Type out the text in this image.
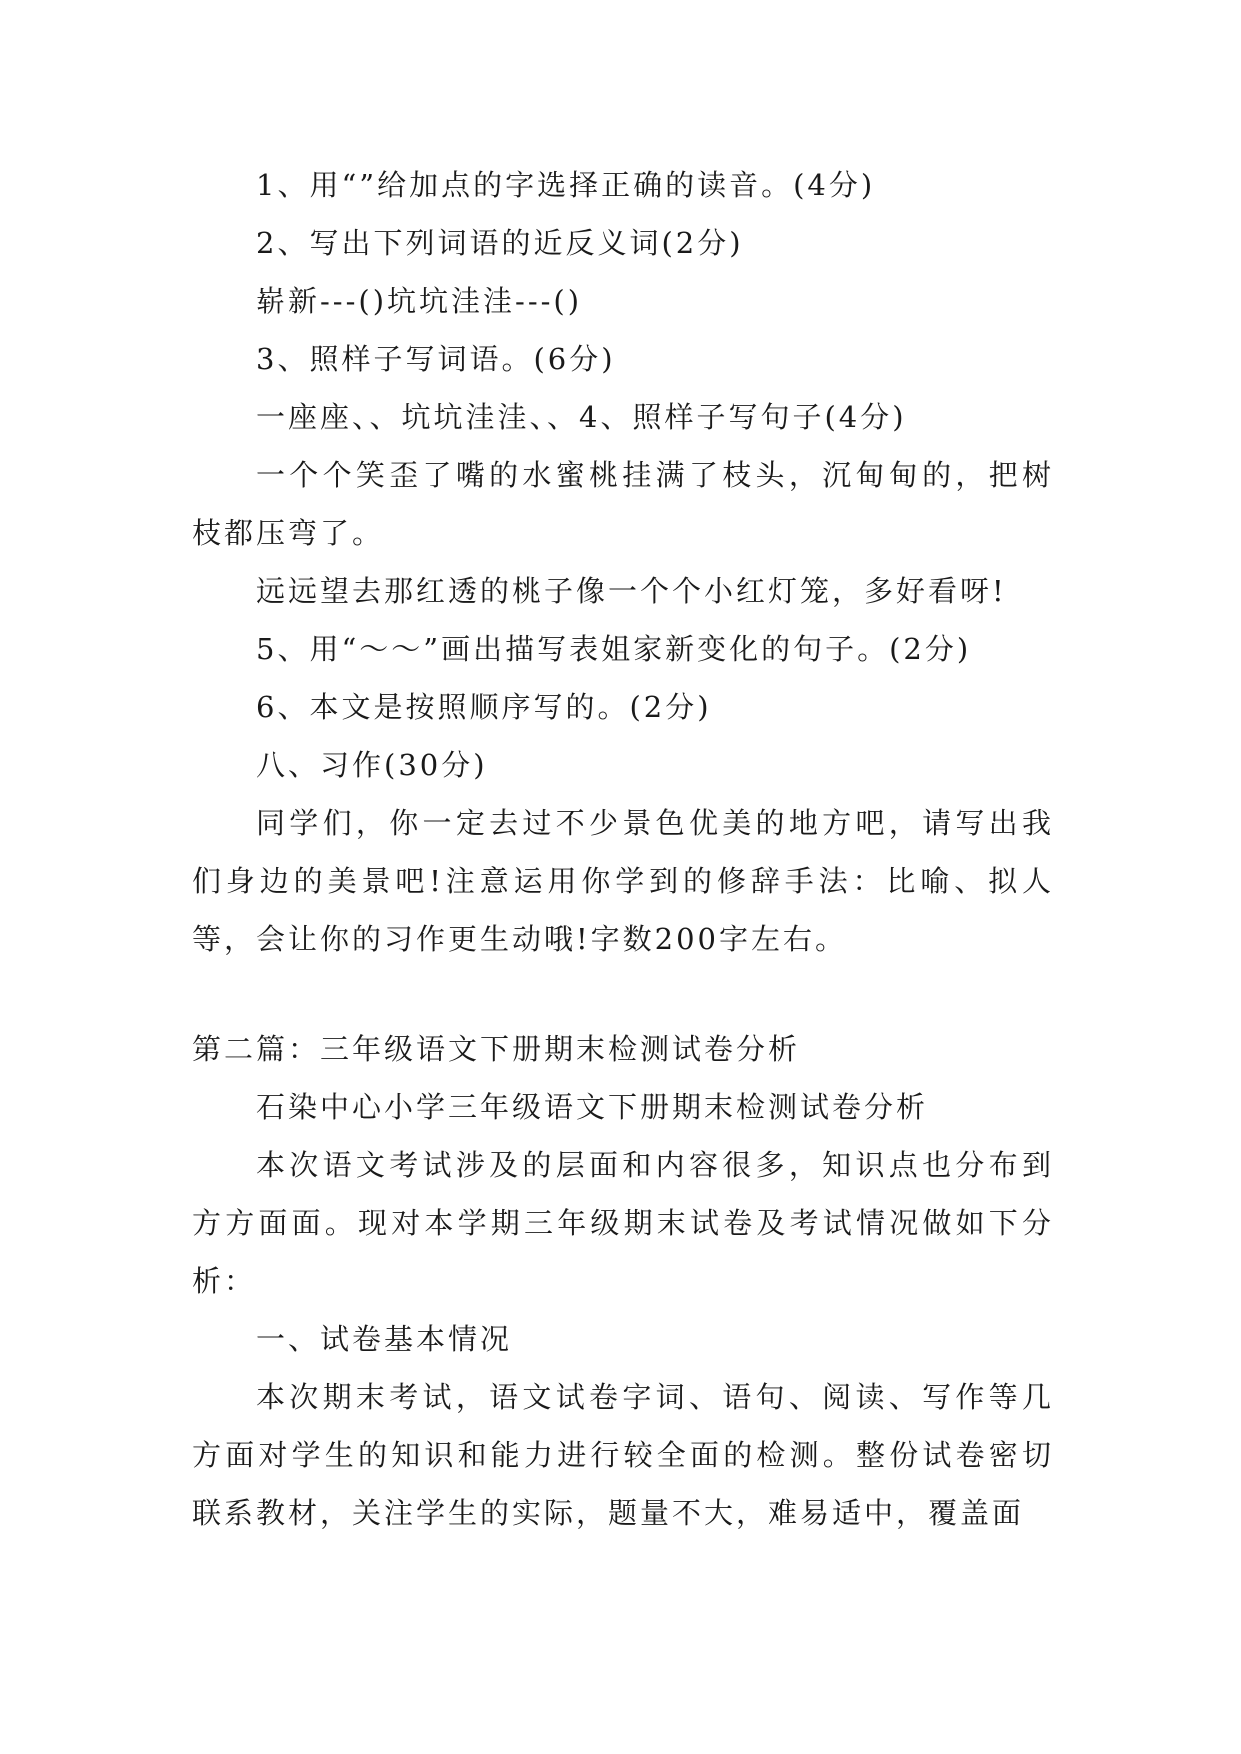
1、用“”给加点的字选择正确的读音。(4分)
2、写出下列词语的近反义词(2分)
崭新---()坑坑洼洼---()
3、照样子写词语。(6分)
一座座、、坑坑洼洼、、4、照样子写句子(4分)
一个个笑歪了嘴的水蜜桃挂满了枝头，沉甸甸的，把树枝都压弯了。
远远望去那红透的桃子像一个个小红灯笼，多好看呀!
5、用“～～”画出描写表姐家新变化的句子。(2分)
6、本文是按照顺序写的。(2分)
八、习作(30分)
同学们，你一定去过不少景色优美的地方吧，请写出我们身边的美景吧!注意运用你学到的修辞手法：比喻、拟人等，会让你的习作更生动哦!字数200字左右。
第二篇：三年级语文下册期末检测试卷分析
石染中心小学三年级语文下册期末检测试卷分析
本次语文考试涉及的层面和内容很多，知识点也分布到方方面面。现对本学期三年级期末试卷及考试情况做如下分析：
一、试卷基本情况
本次期末考试，语文试卷字词、语句、阅读、写作等几方面对学生的知识和能力进行较全面的检测。整份试卷密切联系教材，关注学生的实际，题量不大，难易适中，覆盖面
